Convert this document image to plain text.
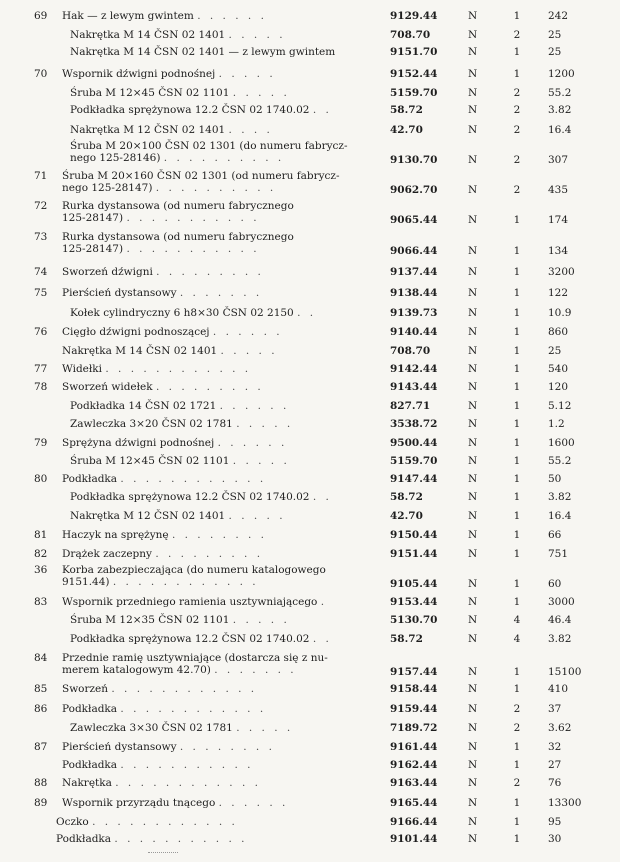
69	Hak — z lewym gwintem . . . . . .	9129.44	N	1	242
Nakrętka M 14 ČSN 02 1401 . . . . .	708.70	N	2	25
Nakrętka M 14 ČSN 02 1401 — z lewym gwintem	9151.70	N	1	25
70	Wspornik dźwigni podnośnej . . . . .	9152.44	N	1	1200
Śruba M 12×45 ČSN 02 1101 . . . . .	5159.70	N	2	55.2
Podkładka sprężynowa 12.2 ČSN 02 1740.02 . .	58.72	N	2	3.82
Nakrętka M 12 ČSN 02 1401 . . . .	42.70	N	2	16.4
Śruba M 20×100 ČSN 02 1301 (do numeru fabrycz-
nego 125-28146) . . . . . . . . . .	9130.70	N	2	307
71	Śruba M 20×160 ČSN 02 1301 (od numeru fabrycz-
nego 125-28147) . . . . . . . . . .	9062.70	N	2	435
72	Rurka dystansowa (od numeru fabrycznego
125-28147) . . . . . . . . . . .	9065.44	N	1	174
73	Rurka dystansowa (od numeru fabrycznego
125-28147) . . . . . . . . . . .	9066.44	N	1	134
74	Sworzeń dźwigni . . . . . . . . .	9137.44	N	1	3200
75	Pierścień dystansowy . . . . . . .	9138.44	N	1	122
Kołek cylindryczny 6 h8×30 ČSN 02 2150 . .	9139.73	N	1	10.9
76	Cięgło dźwigni podnoszącej . . . . . .	9140.44	N	1	860
Nakrętka M 14 ČSN 02 1401 . . . . .	708.70	N	1	25
77	Widełki . . . . . . . . . . . .	9142.44	N	1	540
78	Sworzeń widełek . . . . . . . . .	9143.44	N	1	120
Podkładka 14 ČSN 02 1721 . . . . . .	827.71	N	1	5.12
Zawleczka 3×20 ČSN 02 1781 . . . . .	3538.72	N	1	1.2
79	Sprężyna dźwigni podnośnej . . . . . .	9500.44	N	1	1600
Śruba M 12×45 ČSN 02 1101 . . . . .	5159.70	N	1	55.2
80	Podkładka . . . . . . . . . . . .	9147.44	N	1	50
Podkładka sprężynowa 12.2 ČSN 02 1740.02 . .	58.72	N	1	3.82
Nakrętka M 12 ČSN 02 1401 . . . . .	42.70	N	1	16.4
81	Haczyk na sprężynę . . . . . . . .	9150.44	N	1	66
82	Drążek zaczepny . . . . . . . . .	9151.44	N	1	751
36	Korba zabezpieczająca (do numeru katalogowego
9151.44) . . . . . . . . . . . .	9105.44	N	1	60
83	Wspornik przedniego ramienia usztywniającego .	9153.44	N	1	3000
Śruba M 12×35 ČSN 02 1101 . . . . .	5130.70	N	4	46.4
Podkładka sprężynowa 12.2 ČSN 02 1740.02 . .	58.72	N	4	3.82
84	Przednie ramię usztywniające (dostarcza się z nu-
merem katalogowym 42.70) . . . . . . .	9157.44	N	1	15100
85	Sworzeń . . . . . . . . . . . .	9158.44	N	1	410
86	Podkładka . . . . . . . . . . . .	9159.44	N	2	37
Zawleczka 3×30 ČSN 02 1781 . . . . .	7189.72	N	2	3.62
87	Pierścień dystansowy . . . . . . . .	9161.44	N	1	32
Podkładka . . . . . . . . . . .	9162.44	N	1	27
88	Nakrętka . . . . . . . . . . . .	9163.44	N	2	76
89	Wspornik przyrządu tnącego . . . . . .	9165.44	N	1	13300
Oczko . . . . . . . . . . . .	9166.44	N	1	95
Podkładka . . . . . . . . . . .	9101.44	N	1	30
